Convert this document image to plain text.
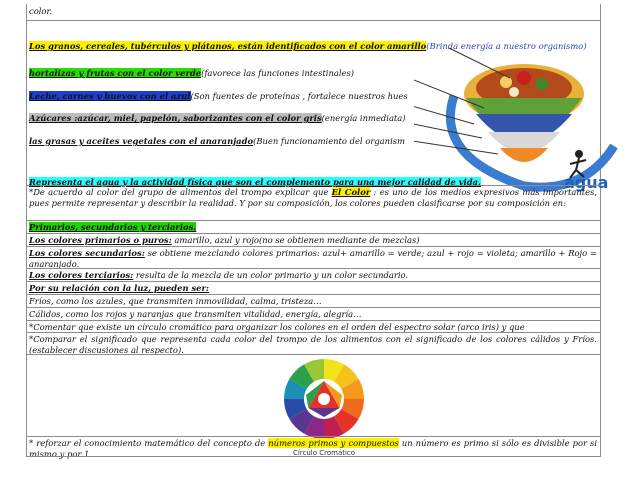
color.
Los granos, cereales, tubérculos y plátanos, están identificados con el color amarillo(Brinda energía a nuestro organismo)
hortalizas y frutas con el color verde(favorece las funciones intestinales)
Leche, carnes y huevos con el azul(Son fuentes de proteínas , fortalece nuestros hues
Azúcares :azúcar, miel, papelón, saborizantes con el color gris(energía inmediata)
las grasas y aceites vegetales con el anaranjado(Buen funcionamiento del organism
Representa el agua y la actividad física que son el complemento para una mejor calidad de vida.	agua
*De acuerdo al color del grupo de alimentos del trompo explicar que El Color : es uno de los medios expresivos más importantes, pues permite representar y describir la realidad. Y por su composición, los colores pueden clasificarse por su composición en:
Primarios, secundarios y terciarios.
Los colores primarios o puros: amarillo, azul y rojo(no se obtienen mediante de mezclas)
Los colores secundarios: se obtiene mezclando colores primarios: azul+ amarillo = verde; azul + rojo = violeta; amarillo + Rojo = anaranjado.
Los colores terciarios: resulta de la mezcla de un color primario y un color secundario.
Por su relación con la luz, pueden ser:
Fríos, como los azules, que transmiten inmovilidad, calma, tristeza…
Cálidos, como los rojos y naranjas que transmiten vitalidad, energía, alegría…
*Comentar que existe un círculo cromático para organizar los colores en el orden del espectro solar (arco iris) y que
*Comparar el significado que representa cada color del trompo de los alimentos con el significado de los colores cálidos y Fríos.(establecer discusiones al respecto).
Círculo Cromático
* reforzar el conocimiento matemático del concepto de números primos y compuestos un número es primo si sólo es divisible por si mismo y por 1.
